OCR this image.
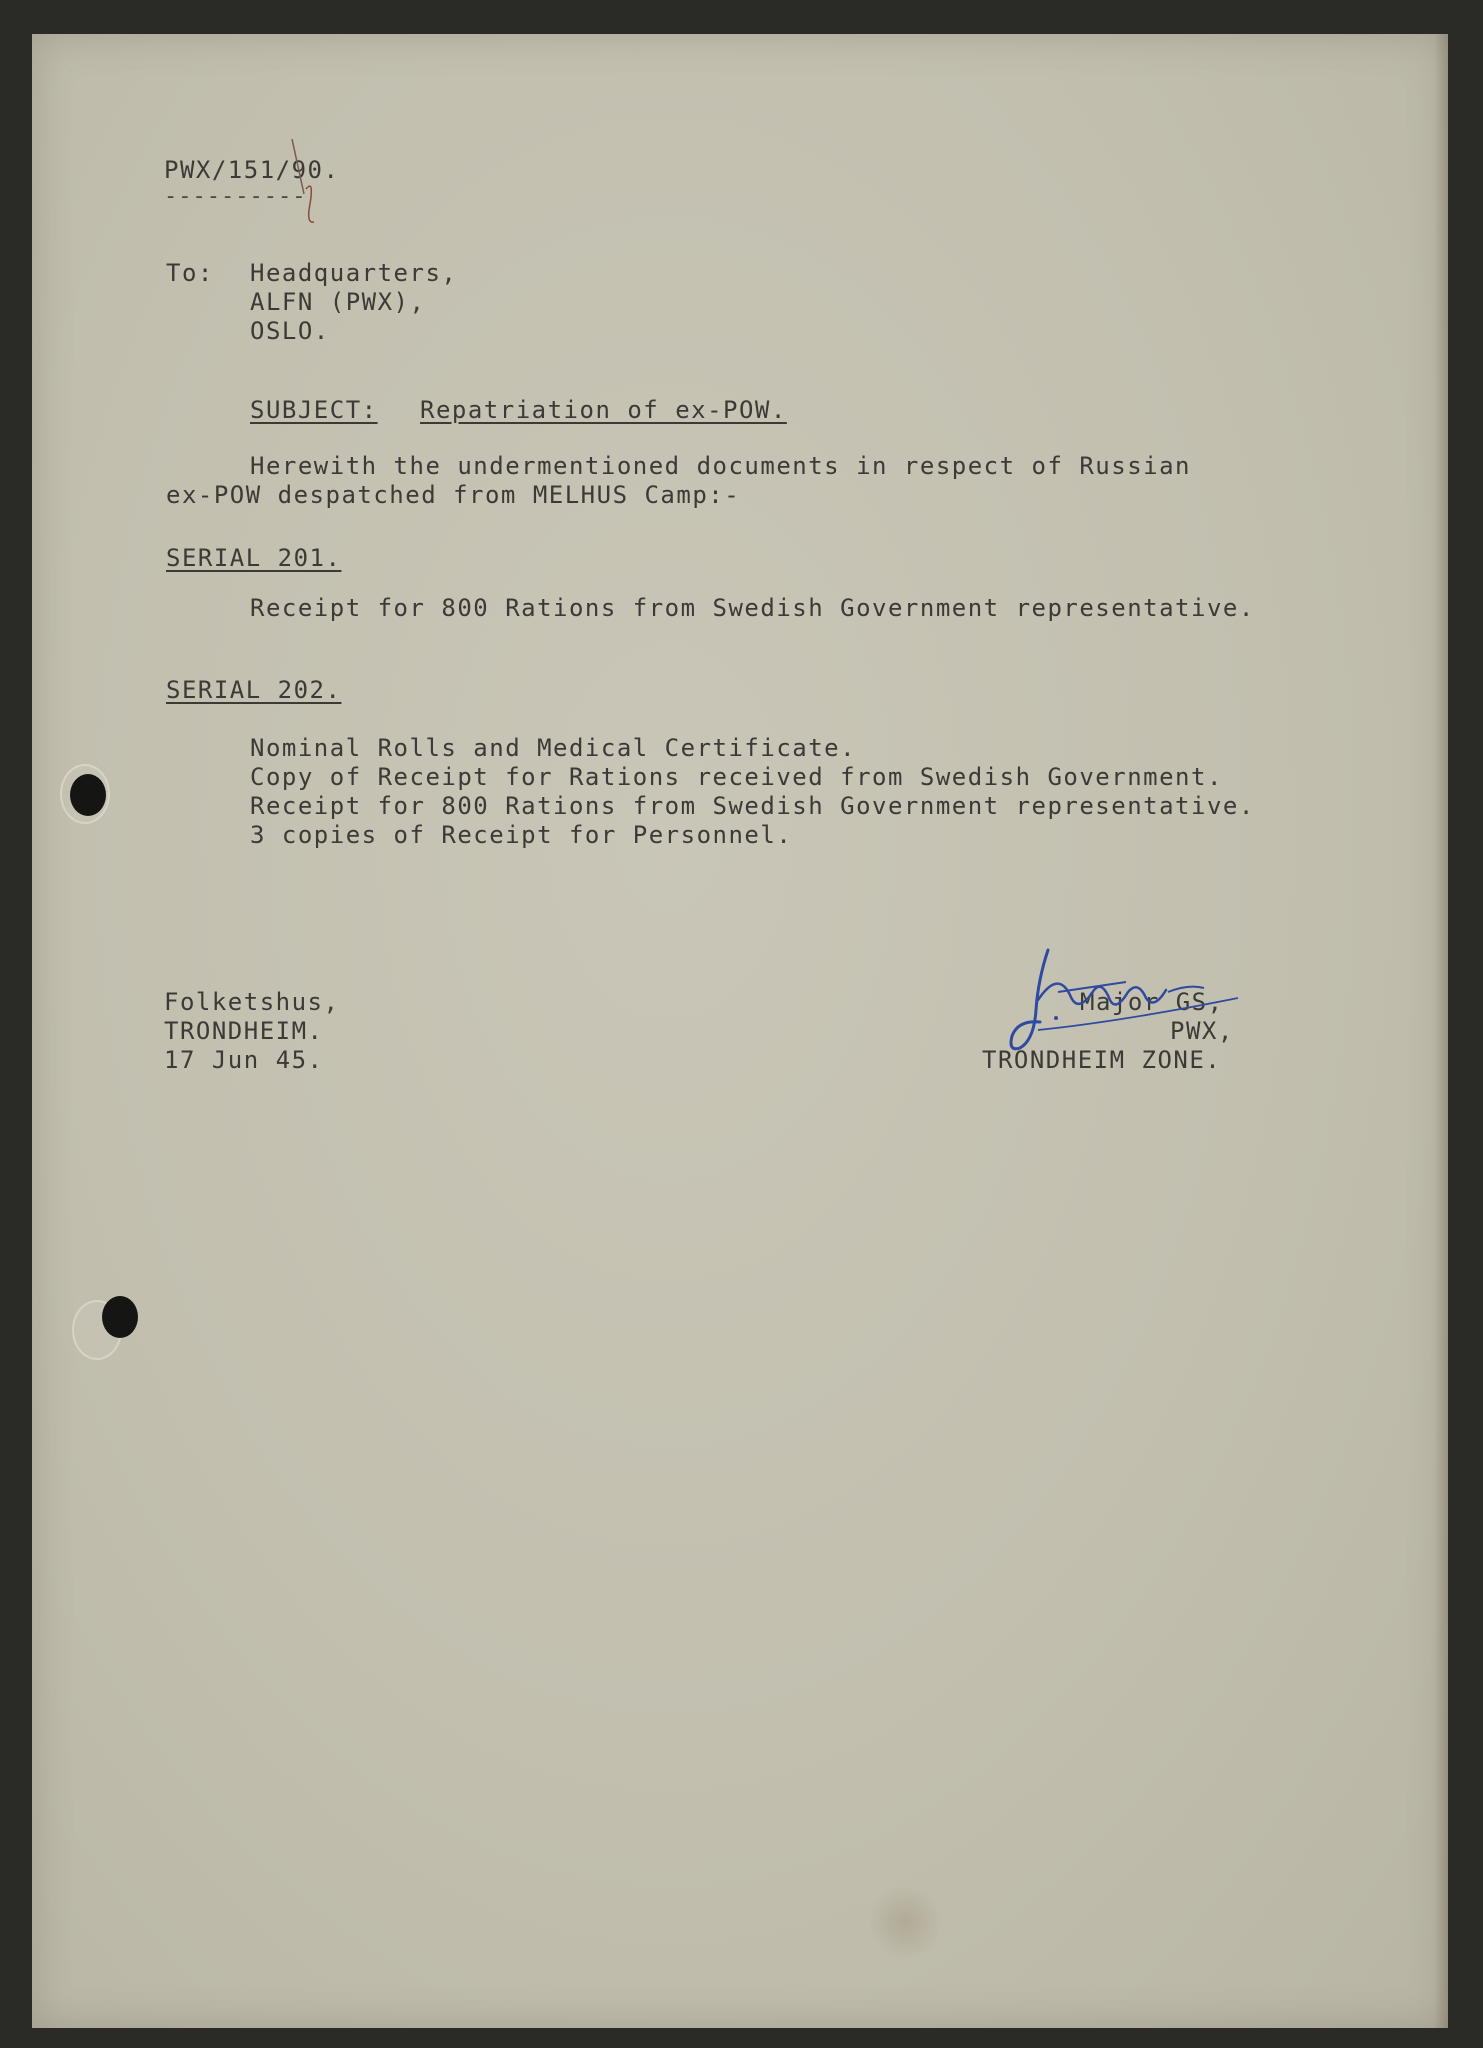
PWX/151/90.
----------
To: Headquarters,
ALFN (PWX),
OSLO.
SUBJECT: Repatriation of ex-POW.
Herewith the undermentioned documents in respect of Russian
ex-POW despatched from MELHUS Camp:-
SERIAL 201.
Receipt for 800 Rations from Swedish Government representative.
SERIAL 202.
Nominal Rolls and Medical Certificate.
Copy of Receipt for Rations received from Swedish Government.
Receipt for 800 Rations from Swedish Government representative.
3 copies of Receipt for Personnel.
Folketshus,
TRONDHEIM.
17 Jun 45.
Major GS,
PWX,
TRONDHEIM ZONE.
